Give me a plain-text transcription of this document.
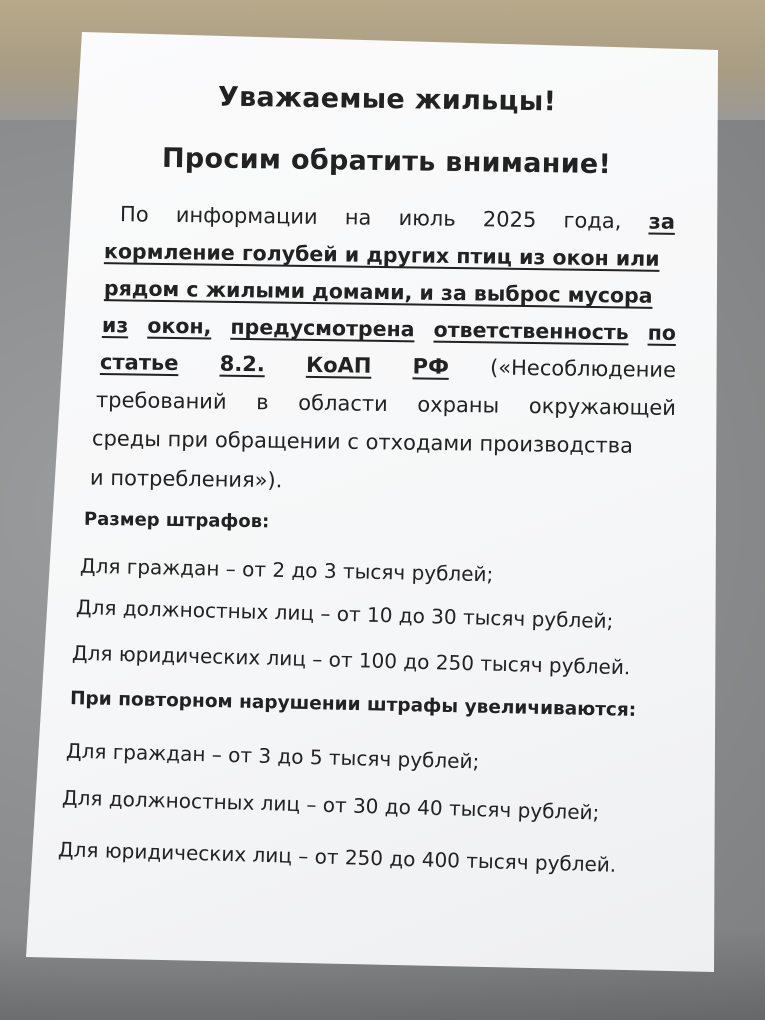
Уважаемые жильцы!
Просим обратить внимание!
По информации на июль 2025 года, за
кормление голубей и других птиц из окон или
рядом с жилыми домами, и за выброс мусора
из окон, предусмотрена ответственность по
статье 8.2. КоАП РФ («Несоблюдение
требований в области охраны окружающей
среды при обращении с отходами производства
и потребления»).
Размер штрафов:
Для граждан – от 2 до 3 тысяч рублей;
Для должностных лиц – от 10 до 30 тысяч рублей;
Для юридических лиц – от 100 до 250 тысяч рублей.
При повторном нарушении штрафы увеличиваются:
Для граждан – от 3 до 5 тысяч рублей;
Для должностных лиц – от 30 до 40 тысяч рублей;
Для юридических лиц – от 250 до 400 тысяч рублей.
